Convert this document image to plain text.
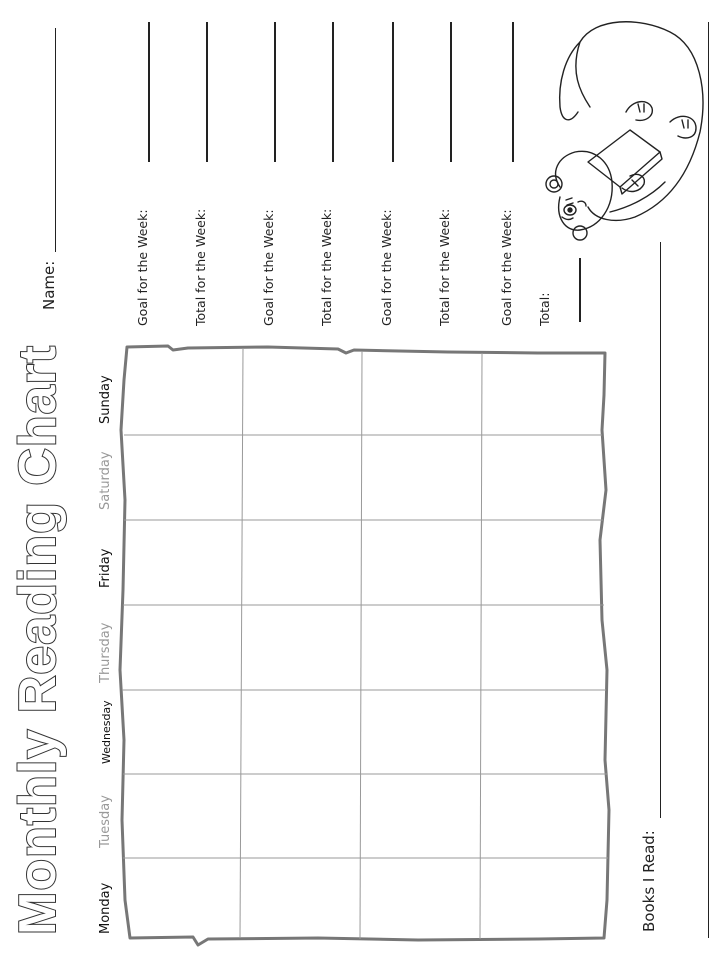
Monthly Reading Chart Monday
Tuesday
Wednesday
Thursday
Friday
Saturday
Sunday
Name:	Goal for the Week:	Total for the Week:	Goal for the Week:	Total for the Week:	Goal for the Week:	Total for the Week:	Goal for the Week: Total:
Books I Read:
